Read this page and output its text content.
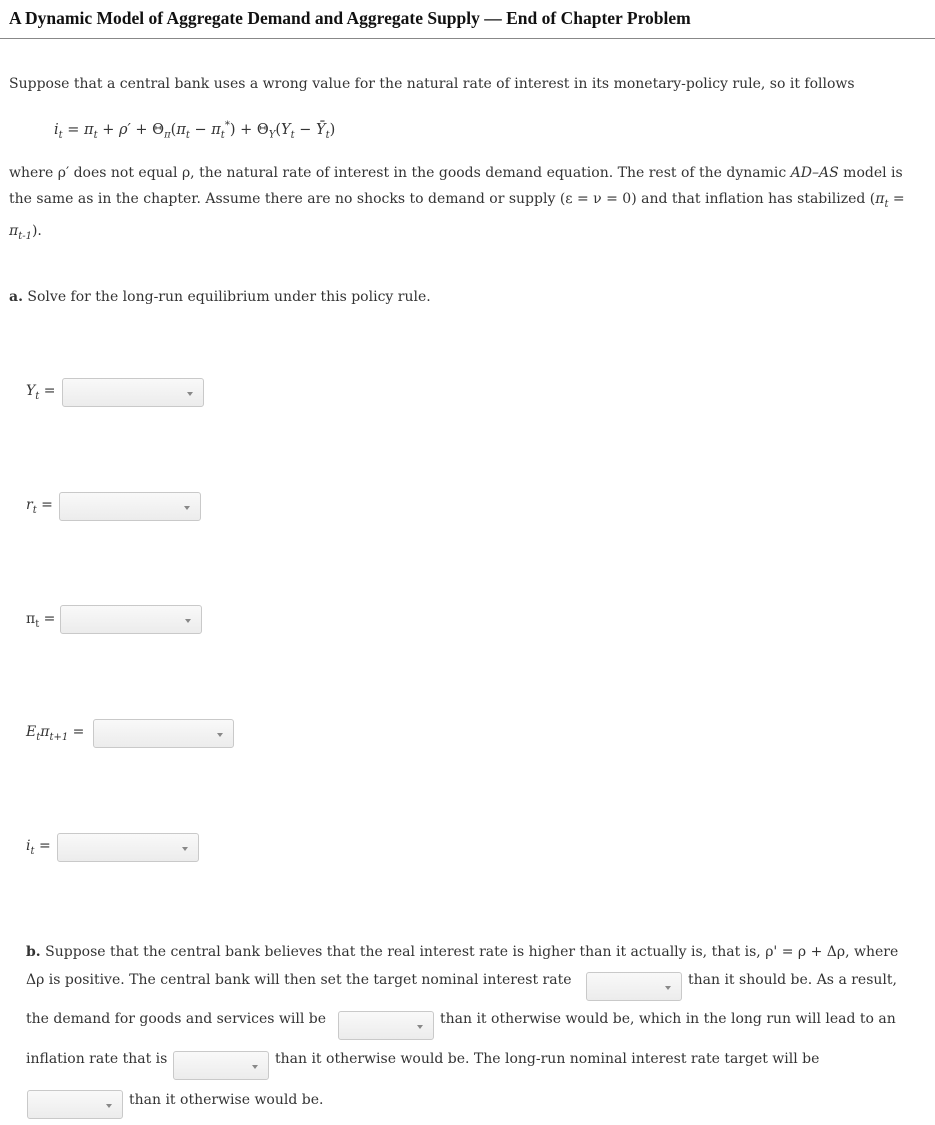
A Dynamic Model of Aggregate Demand and Aggregate Supply — End of Chapter Problem

Suppose that a central bank uses a wrong value for the natural rate of interest in its monetary-policy rule, so it follows

$i_t = \pi_t + \rho' + \Theta_\pi(\pi_t - \pi_t^*) + \Theta_Y(Y_t$ − $Ȳ_t$)

where ρ′ does not equal ρ, the natural rate of interest in the goods demand equation. The rest of the dynamic AD–AS model is the same as in the chapter. Assume there are no shocks to demand or supply (ε = ν = 0) and that inflation has stabilized $(\pi_t = \pi_{t-1})$.

a. Solve for the long-run equilibrium under this policy rule.

$Y_t$ =
$r_t$ =
$\pi_t$ =
$E_t\pi_{t+1}$ =
$i_t$ =
b. Suppose that the central bank believes that the real interest rate is higher than it actually is, that is, ρ' = ρ + Δρ, where
Δρ is positive. The central bank will then set the target nominal interest rate	than it should be. As a result,
the demand for goods and services will be	than it otherwise would be, which in the long run will lead to an
inflation rate that is	than it otherwise would be. The long-run nominal interest rate target will be
than it otherwise would be.
